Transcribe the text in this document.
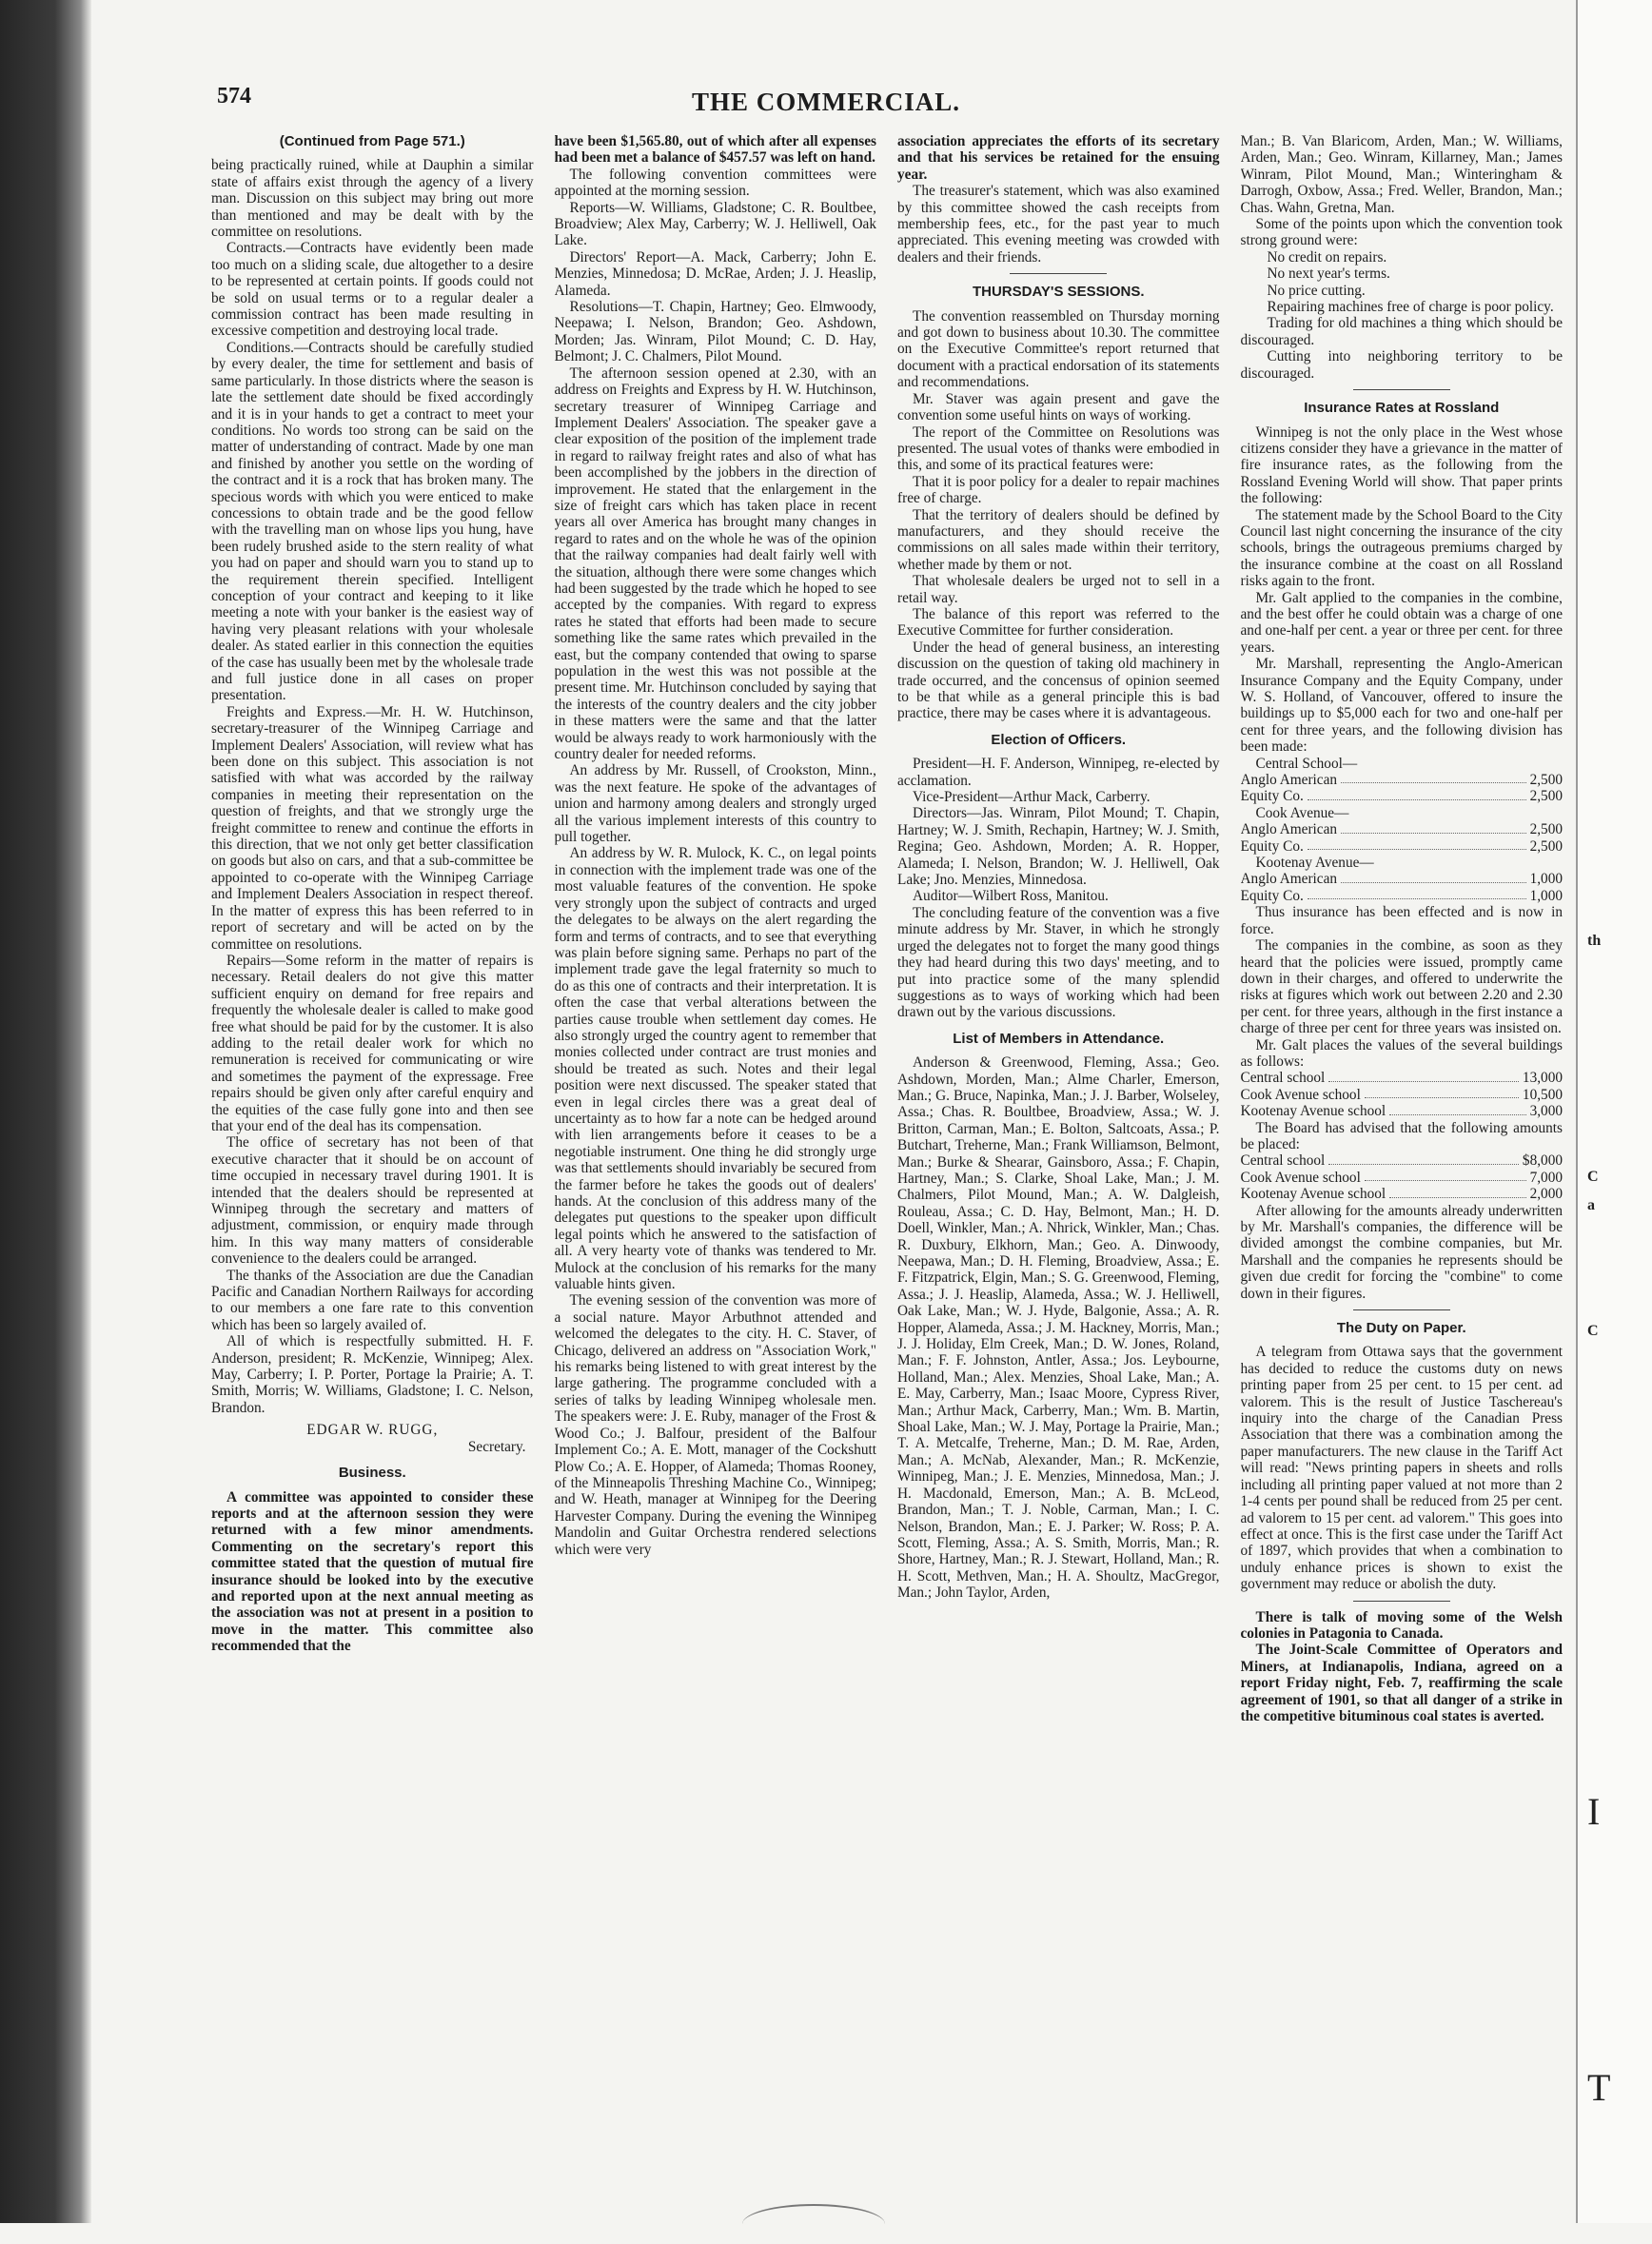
574	THE COMMERCIAL.
(Continued from Page 571.)

being practically ruined, while at Dauphin a similar state of affairs exist through the agency of a livery man. Discussion on this subject may bring out more than mentioned and may be dealt with by the committee on resolutions.

Contracts.—Contracts have evidently been made too much on a sliding scale, due altogether to a desire to be represented at certain points. If goods could not be sold on usual terms or to a regular dealer a commission contract has been made resulting in excessive competition and destroying local trade.

Conditions.—Contracts should be carefully studied by every dealer, the time for settlement and basis of same particularly. In those districts where the season is late the settlement date should be fixed accordingly and it is in your hands to get a contract to meet your conditions. No words too strong can be said on the matter of understanding of contract. Made by one man and finished by another you settle on the wording of the contract and it is a rock that has broken many. The specious words with which you were enticed to make concessions to obtain trade and be the good fellow with the travelling man on whose lips you hung, have been rudely brushed aside to the stern reality of what you had on paper and should warn you to stand up to the requirement therein specified. Intelligent conception of your contract and keeping to it like meeting a note with your banker is the easiest way of having very pleasant relations with your wholesale dealer. As stated earlier in this connection the equities of the case has usually been met by the wholesale trade and full justice done in all cases on proper presentation.

Freights and Express.—Mr. H. W. Hutchinson, secretary-treasurer of the Winnipeg Carriage and Implement Dealers' Association, will review what has been done on this subject. This association is not satisfied with what was accorded by the railway companies in meeting their representation on the question of freights, and that we strongly urge the freight committee to renew and continue the efforts in this direction, that we not only get better classification on goods but also on cars, and that a sub-committee be appointed to co-operate with the Winnipeg Carriage and Implement Dealers Association in respect thereof. In the matter of express this has been referred to in report of secretary and will be acted on by the committee on resolutions.

Repairs—Some reform in the matter of repairs is necessary. Retail dealers do not give this matter sufficient enquiry on demand for free repairs and frequently the wholesale dealer is called to make good free what should be paid for by the customer. It is also adding to the retail dealer work for which no remuneration is received for communicating or wire and sometimes the payment of the expressage. Free repairs should be given only after careful enquiry and the equities of the case fully gone into and then see that your end of the deal has its compensation.

The office of secretary has not been of that executive character that it should be on account of time occupied in necessary travel during 1901. It is intended that the dealers should be represented at Winnipeg through the secretary and matters of adjustment, commission, or enquiry made through him. In this way many matters of considerable convenience to the dealers could be arranged.

The thanks of the Association are due the Canadian Pacific and Canadian Northern Railways for according to our members a one fare rate to this convention which has been so largely availed of.

All of which is respectfully submitted. H. F. Anderson, president; R. McKenzie, Winnipeg; Alex. May, Carberry; I. P. Porter, Portage la Prairie; A. T. Smith, Morris; W. Williams, Gladstone; I. C. Nelson, Brandon.

EDGAR W. RUGG,
Secretary.
Business.

A committee was appointed to consider these reports and at the afternoon session they were returned with a few minor amendments. Commenting on the secretary's report this committee stated that the question of mutual fire insurance should be looked into by the executive and reported upon at the next annual meeting as the association was not at present in a position to move in the matter. This committee also recommended that the

have been $1,565.80, out of which after all expenses had been met a balance of $457.57 was left on hand.

The following convention committees were appointed at the morning session.

Reports—W. Williams, Gladstone; C. R. Boultbee, Broadview; Alex May, Carberry; W. J. Helliwell, Oak Lake.

Directors' Report—A. Mack, Carberry; John E. Menzies, Minnedosa; D. McRae, Arden; J. J. Heaslip, Alameda.

Resolutions—T. Chapin, Hartney; Geo. Elmwoody, Neepawa; I. Nelson, Brandon; Geo. Ashdown, Morden; Jas. Winram, Pilot Mound; C. D. Hay, Belmont; J. C. Chalmers, Pilot Mound.

The afternoon session opened at 2.30, with an address on Freights and Express by H. W. Hutchinson, secretary treasurer of Winnipeg Carriage and Implement Dealers' Association. The speaker gave a clear exposition of the position of the implement trade in regard to railway freight rates and also of what has been accomplished by the jobbers in the direction of improvement. He stated that the enlargement in the size of freight cars which has taken place in recent years all over America has brought many changes in regard to rates and on the whole he was of the opinion that the railway companies had dealt fairly well with the situation, although there were some changes which had been suggested by the trade which he hoped to see accepted by the companies. With regard to express rates he stated that efforts had been made to secure something like the same rates which prevailed in the east, but the company contended that owing to sparse population in the west this was not possible at the present time. Mr. Hutchinson concluded by saying that the interests of the country dealers and the city jobber in these matters were the same and that the latter would be always ready to work harmoniously with the country dealer for needed reforms.

An address by Mr. Russell, of Crookston, Minn., was the next feature. He spoke of the advantages of union and harmony among dealers and strongly urged all the various implement interests of this country to pull together.

An address by W. R. Mulock, K. C., on legal points in connection with the implement trade was one of the most valuable features of the convention. He spoke very strongly upon the subject of contracts and urged the delegates to be always on the alert regarding the form and terms of contracts, and to see that everything was plain before signing same. Perhaps no part of the implement trade gave the legal fraternity so much to do as this one of contracts and their interpretation. It is often the case that verbal alterations between the parties cause trouble when settlement day comes. He also strongly urged the country agent to remember that monies collected under contract are trust monies and should be treated as such. Notes and their legal position were next discussed. The speaker stated that even in legal circles there was a great deal of uncertainty as to how far a note can be hedged around with lien arrangements before it ceases to be a negotiable instrument. One thing he did strongly urge was that settlements should invariably be secured from the farmer before he takes the goods out of dealers' hands. At the conclusion of this address many of the delegates put questions to the speaker upon difficult legal points which he answered to the satisfaction of all. A very hearty vote of thanks was tendered to Mr. Mulock at the conclusion of his remarks for the many valuable hints given.

The evening session of the convention was more of a social nature. Mayor Arbuthnot attended and welcomed the delegates to the city. H. C. Staver, of Chicago, delivered an address on "Association Work," his remarks being listened to with great interest by the large gathering. The programme concluded with a series of talks by leading Winnipeg wholesale men. The speakers were: J. E. Ruby, manager of the Frost & Wood Co.; J. Balfour, president of the Balfour Implement Co.; A. E. Mott, manager of the Cockshutt Plow Co.; A. E. Hopper, of Alameda; Thomas Rooney, of the Minneapolis Threshing Machine Co., Winnipeg; and W. Heath, manager at Winnipeg for the Deering Harvester Company. During the evening the Winnipeg Mandolin and Guitar Orchestra rendered selections which were very

association appreciates the efforts of its secretary and that his services be retained for the ensuing year.

The treasurer's statement, which was also examined by this committee showed the cash receipts from membership fees, etc., for the past year to much appreciated. This evening meeting was crowded with dealers and their friends.

THURSDAY'S SESSIONS.

The convention reassembled on Thursday morning and got down to business about 10.30. The committee on the Executive Committee's report returned that document with a practical endorsation of its statements and recommendations.

Mr. Staver was again present and gave the convention some useful hints on ways of working.

The report of the Committee on Resolutions was presented. The usual votes of thanks were embodied in this, and some of its practical features were:

That it is poor policy for a dealer to repair machines free of charge.

That the territory of dealers should be defined by manufacturers, and they should receive the commissions on all sales made within their territory, whether made by them or not.

That wholesale dealers be urged not to sell in a retail way.

The balance of this report was referred to the Executive Committee for further consideration.

Under the head of general business, an interesting discussion on the question of taking old machinery in trade occurred, and the concensus of opinion seemed to be that while as a general principle this is bad practice, there may be cases where it is advantageous.

Election of Officers.

President—H. F. Anderson, Winnipeg, re-elected by acclamation.

Vice-President—Arthur Mack, Carberry.

Directors—Jas. Winram, Pilot Mound; T. Chapin, Hartney; W. J. Smith, Rechapin, Hartney; W. J. Smith, Regina; Geo. Ashdown, Morden; A. R. Hopper, Alameda; I. Nelson, Brandon; W. J. Helliwell, Oak Lake; Jno. Menzies, Minnedosa.

Auditor—Wilbert Ross, Manitou.

The concluding feature of the convention was a five minute address by Mr. Staver, in which he strongly urged the delegates not to forget the many good things they had heard during this two days' meeting, and to put into practice some of the many splendid suggestions as to ways of working which had been drawn out by the various discussions.

List of Members in Attendance.

Anderson & Greenwood, Fleming, Assa.; Geo. Ashdown, Morden, Man.; Alme Charler, Emerson, Man.; G. Bruce, Napinka, Man.; J. J. Barber, Wolseley, Assa.; Chas. R. Boultbee, Broadview, Assa.; W. J. Britton, Carman, Man.; E. Bolton, Saltcoats, Assa.; P. Butchart, Treherne, Man.; Frank Williamson, Belmont, Man.; Burke & Shearar, Gainsboro, Assa.; F. Chapin, Hartney, Man.; S. Clarke, Shoal Lake, Man.; J. M. Chalmers, Pilot Mound, Man.; A. W. Dalgleish, Rouleau, Assa.; C. D. Hay, Belmont, Man.; H. D. Doell, Winkler, Man.; A. Nhrick, Winkler, Man.; Chas. R. Duxbury, Elkhorn, Man.; Geo. A. Dinwoody, Neepawa, Man.; D. H. Fleming, Broadview, Assa.; E. F. Fitzpatrick, Elgin, Man.; S. G. Greenwood, Fleming, Assa.; J. J. Heaslip, Alameda, Assa.; W. J. Helliwell, Oak Lake, Man.; W. J. Hyde, Balgonie, Assa.; A. R. Hopper, Alameda, Assa.; J. M. Hackney, Morris, Man.; J. J. Holiday, Elm Creek, Man.; D. W. Jones, Roland, Man.; F. F. Johnston, Antler, Assa.; Jos. Leybourne, Holland, Man.; Alex. Menzies, Shoal Lake, Man.; A. E. May, Carberry, Man.; Isaac Moore, Cypress River, Man.; Arthur Mack, Carberry, Man.; Wm. B. Martin, Shoal Lake, Man.; W. J. May, Portage la Prairie, Man.; T. A. Metcalfe, Treherne, Man.; D. M. Rae, Arden, Man.; A. McNab, Alexander, Man.; R. McKenzie, Winnipeg, Man.; J. E. Menzies, Minnedosa, Man.; J. H. Macdonald, Emerson, Man.; A. B. McLeod, Brandon, Man.; T. J. Noble, Carman, Man.; I. C. Nelson, Brandon, Man.; E. J. Parker; W. Ross; P. A. Scott, Fleming, Assa.; A. S. Smith, Morris, Man.; R. Shore, Hartney, Man.; R. J. Stewart, Holland, Man.; R. H. Scott, Methven, Man.; H. A. Shoultz, MacGregor, Man.; John Taylor, Arden,

Man.; B. Van Blaricom, Arden, Man.; W. Williams, Arden, Man.; Geo. Winram, Killarney, Man.; James Winram, Pilot Mound, Man.; Winteringham & Darrogh, Oxbow, Assa.; Fred. Weller, Brandon, Man.; Chas. Wahn, Gretna, Man.

Some of the points upon which the convention took strong ground were:

No credit on repairs.

No next year's terms.

No price cutting.

Repairing machines free of charge is poor policy.

Trading for old machines a thing which should be discouraged.

Cutting into neighboring territory to be discouraged.

Insurance Rates at Rossland

Winnipeg is not the only place in the West whose citizens consider they have a grievance in the matter of fire insurance rates, as the following from the Rossland Evening World will show. That paper prints the following:

The statement made by the School Board to the City Council last night concerning the insurance of the city schools, brings the outrageous premiums charged by the insurance combine at the coast on all Rossland risks again to the front.

Mr. Galt applied to the companies in the combine, and the best offer he could obtain was a charge of one and one-half per cent. a year or three per cent. for three years.

Mr. Marshall, representing the Anglo-American Insurance Company and the Equity Company, under W. S. Holland, of Vancouver, offered to insure the buildings up to $5,000 each for two and one-half per cent for three years, and the following division has been made:

Central School—

Anglo American	2,500
Equity Co.	2,500

Cook Avenue—

Anglo American	2,500
Equity Co.	2,500

Kootenay Avenue—

Anglo American	1,000
Equity Co.	1,000

Thus insurance has been effected and is now in force.

The companies in the combine, as soon as they heard that the policies were issued, promptly came down in their charges, and offered to underwrite the risks at figures which work out between 2.20 and 2.30 per cent. for three years, although in the first instance a charge of three per cent for three years was insisted on.

Mr. Galt places the values of the several buildings as follows:

Central school	13,000
Cook Avenue school	10,500
Kootenay Avenue school	3,000

The Board has advised that the following amounts be placed:

Central school	$8,000
Cook Avenue school	7,000
Kootenay Avenue school	2,000

After allowing for the amounts already underwritten by Mr. Marshall's companies, the difference will be divided amongst the combine companies, but Mr. Marshall and the companies he represents should be given due credit for forcing the "combine" to come down in their figures.

The Duty on Paper.

A telegram from Ottawa says that the government has decided to reduce the customs duty on news printing paper from 25 per cent. to 15 per cent. ad valorem. This is the result of Justice Taschereau's inquiry into the charge of the Canadian Press Association that there was a combination among the paper manufacturers. The new clause in the Tariff Act will read: "News printing papers in sheets and rolls including all printing paper valued at not more than 2 1-4 cents per pound shall be reduced from 25 per cent. ad valorem to 15 per cent. ad valorem." This goes into effect at once. This is the first case under the Tariff Act of 1897, which provides that when a combination to unduly enhance prices is shown to exist the government may reduce or abolish the duty.

There is talk of moving some of the Welsh colonies in Patagonia to Canada.

The Joint-Scale Committee of Operators and Miners, at Indianapolis, Indiana, agreed on a report Friday night, Feb. 7, reaffirming the scale agreement of 1901, so that all danger of a strike in the competitive bituminous coal states is averted.

th
C
a
C
I
T
